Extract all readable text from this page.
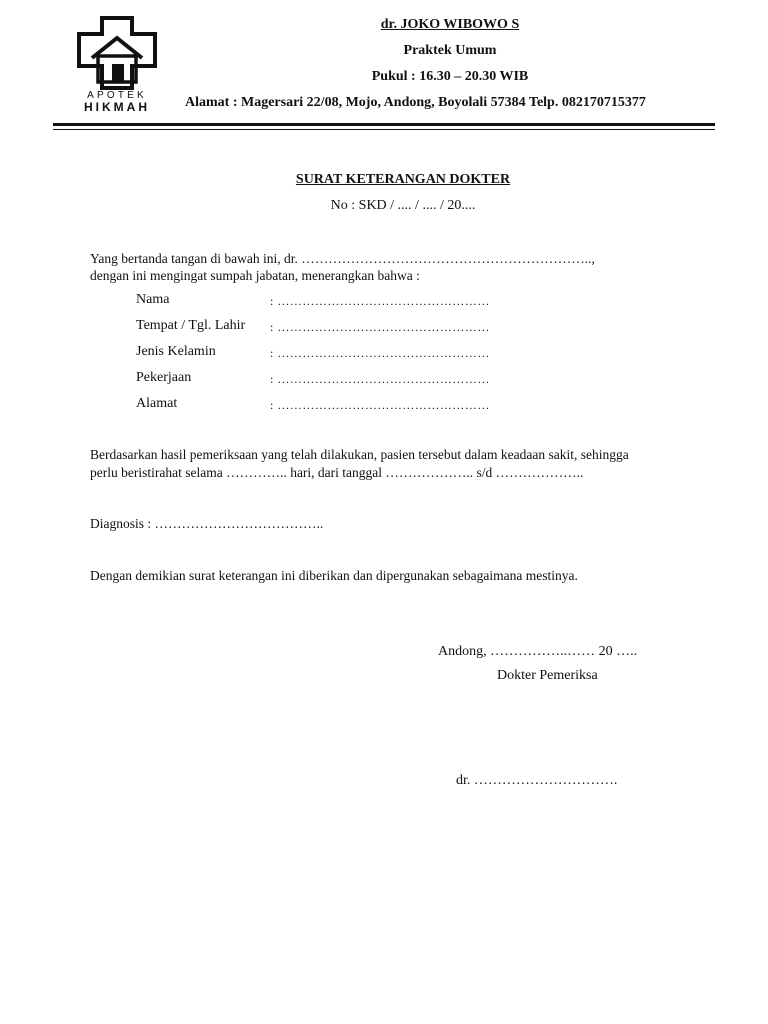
APOTEK
HIKMAH
dr. JOKO WIBOWO S
Praktek Umum
Pukul : 16.30 – 20.30 WIB
Alamat : Magersari 22/08, Mojo, Andong, Boyolali 57384 Telp. 082170715377
SURAT KETERANGAN DOKTER
No : SKD / .... / .... / 20....
Yang bertanda tangan di bawah ini, dr. ………………………………………………………..,
dengan ini mengingat sumpah jabatan, menerangkan bahwa :
Nama	: ……………………………………………
Tempat / Tgl. Lahir : ……………………………………………
Jenis Kelamin	: ……………………………………………
Pekerjaan	: ……………………………………………
Alamat	: ……………………………………………
Berdasarkan hasil pemeriksaan yang telah dilakukan, pasien tersebut dalam keadaan sakit, sehingga
perlu beristirahat selama ………….. hari, dari tanggal ……………….. s/d ………………..
Diagnosis : ………………………………..
Dengan demikian surat keterangan ini diberikan dan dipergunakan sebagaimana mestinya.
Andong, ……………..…… 20 …..
Dokter Pemeriksa
dr. ………………………….
